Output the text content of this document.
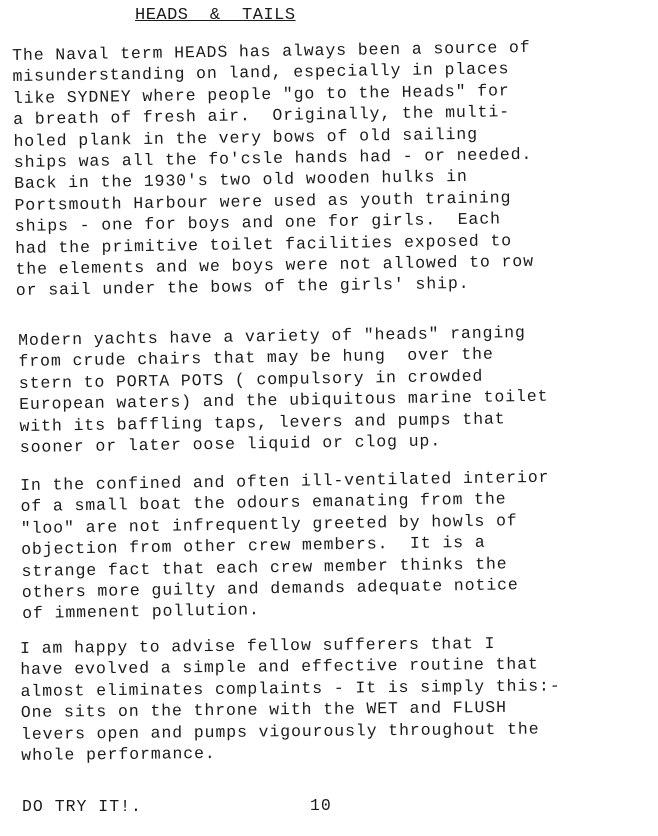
HEADS  &  TAILS

The Naval term HEADS has always been a source of
misunderstanding on land, especially in places
like SYDNEY where people "go to the Heads" for
a breath of fresh air.  Originally, the multi-
holed plank in the very bows of old sailing
ships was all the fo'csle hands had - or needed.
Back in the 1930's two old wooden hulks in
Portsmouth Harbour were used as youth training
ships - one for boys and one for girls.  Each
had the primitive toilet facilities exposed to
the elements and we boys were not allowed to row
or sail under the bows of the girls' ship.

Modern yachts have a variety of "heads" ranging
from crude chairs that may be hung  over the
stern to PORTA POTS ( compulsory in crowded
European waters) and the ubiquitous marine toilet
with its baffling taps, levers and pumps that
sooner or later oose liquid or clog up.

In the confined and often ill-ventilated interior
of a small boat the odours emanating from the
"loo" are not infrequently greeted by howls of
objection from other crew members.  It is a
strange fact that each crew member thinks the
others more guilty and demands adequate notice
of immenent pollution.

I am happy to advise fellow sufferers that I
have evolved a simple and effective routine that
almost eliminates complaints - It is simply this:-
One sits on the throne with the WET and FLUSH
levers open and pumps vigourously throughout the
whole performance.

DO TRY IT!.	10
